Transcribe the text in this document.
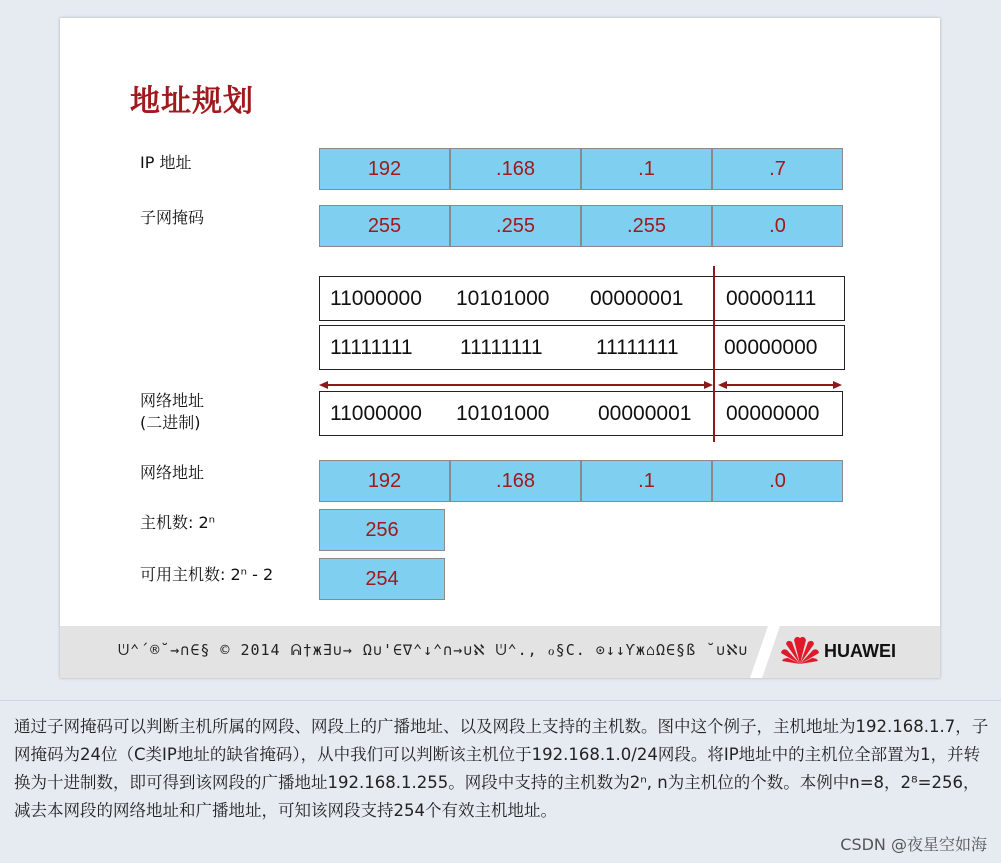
地址规划
IP 地址	192	.168	.1	.7
子网掩码	255	.255	.255	.0
11000000 10101000 00000001 00000111
11111111 11111111	11111111 00000000
网络地址
(二进制)	11000000 10101000 00000001 00000000
网络地址	192	.168	.1	.0
主机数: 2ⁿ	256
可用主机数: 2ⁿ - 2	254
ᕫ⌃´®˘→∩∈§ © 2014 ᕱ†ж∃∪→ Ω∪'∈∇⌃↓⌃∩→∪ℵ ᕫ⌃., ℴ§C. ⊙↓↓Ƴж⌂Ω∈§ß ˘∪ℵ∪	HUAWEI
通过子网掩码可以判断主机所属的网段、网段上的广播地址、以及网段上支持的主机数。图中这个例子，主机地址为192.168.1.7，子网掩码为24位（C类IP地址的缺省掩码），从中我们可以判断该主机位于192.168.1.0/24网段。将IP地址中的主机位全部置为1，并转换为十进制数，即可得到该网段的广播地址192.168.1.255。网段中支持的主机数为2ⁿ, n为主机位的个数。本例中n=8，2⁸=256，减去本网段的网络地址和广播地址，可知该网段支持254个有效主机地址。
CSDN @夜星空如海
